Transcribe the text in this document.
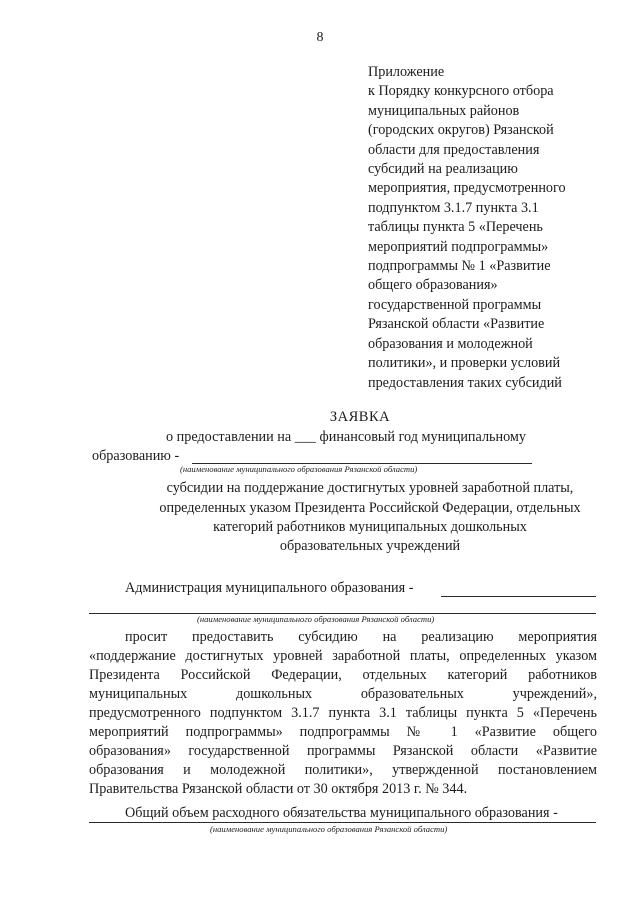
8
Приложение
к Порядку конкурсного отбора
муниципальных районов
(городских округов) Рязанской
области для предоставления
субсидий на реализацию
мероприятия, предусмотренного
подпунктом 3.1.7 пункта 3.1
таблицы пункта 5 «Перечень
мероприятий подпрограммы»
подпрограммы № 1 «Развитие
общего образования»
государственной программы
Рязанской области «Развитие
образования и молодежной
политики», и проверки условий
предоставления таких субсидий
ЗАЯВКА
о предоставлении на ___ финансовый год муниципальному
образованию -
(наименование муниципального образования Рязанской области)
субсидии на поддержание достигнутых уровней заработной платы,
определенных указом Президента Российской Федерации, отдельных
категорий работников муниципальных дошкольных
образовательных учреждений
Администрация муниципального образования -
(наименование муниципального образования Рязанской области)
просит предоставить субсидию на реализацию мероприятия
«поддержание достигнутых уровней заработной платы, определенных указом
Президента Российской Федерации, отдельных категорий работников
муниципальных дошкольных образовательных учреждений»,
предусмотренного подпунктом 3.1.7 пункта 3.1 таблицы пункта 5 «Перечень
мероприятий подпрограммы» подпрограммы № 1 «Развитие общего
образования» государственной программы Рязанской области «Развитие
образования и молодежной политики», утвержденной постановлением
Правительства Рязанской области от 30 октября 2013 г. № 344.
Общий объем расходного обязательства муниципального образования -
(наименование муниципального образования Рязанской области)
